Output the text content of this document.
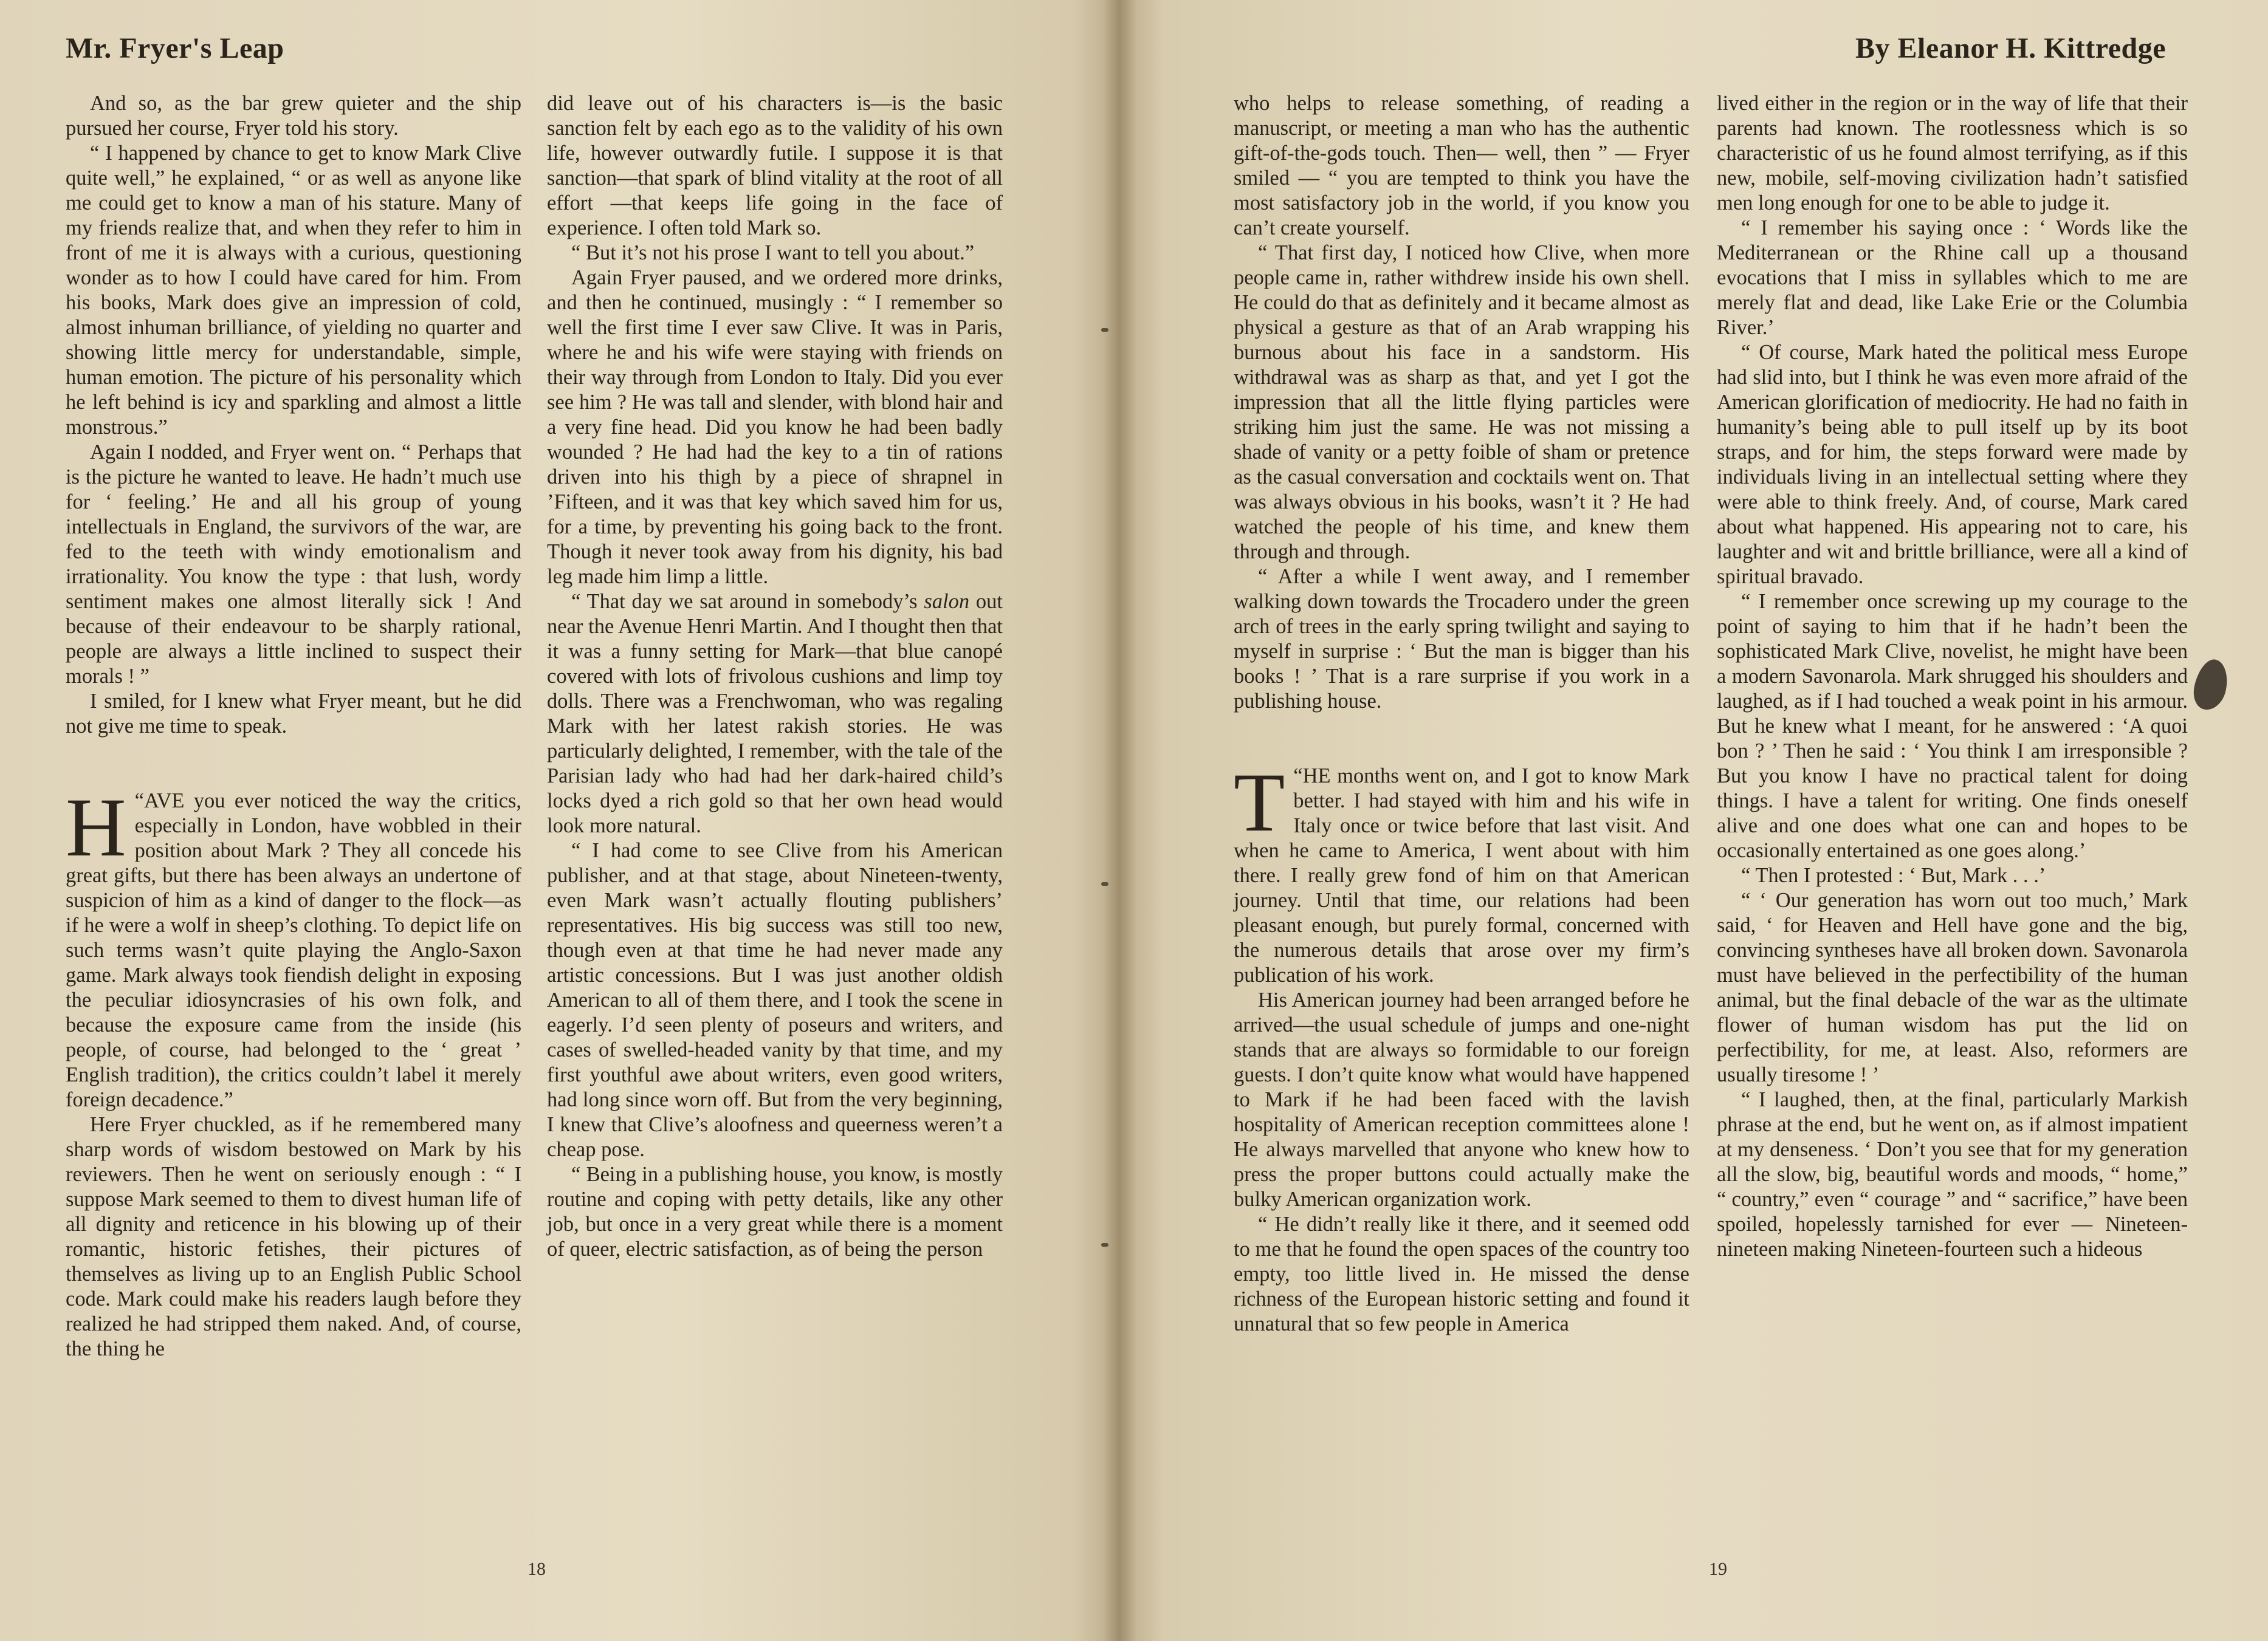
Mr. Fryer's Leap

And so, as the bar grew quieter and the ship pursued her course, Fryer told his story.

“ I happened by chance to get to know Mark Clive quite well,” he explained, “ or as well as anyone like me could get to know a man of his stature. Many of my friends realize that, and when they refer to him in front of me it is always with a curious, questioning wonder as to how I could have cared for him. From his books, Mark does give an impression of cold, almost inhuman brilliance, of yielding no quarter and showing little mercy for understandable, simple, human emotion. The picture of his personality which he left behind is icy and sparkling and almost a little monstrous.”

Again I nodded, and Fryer went on. “ Perhaps that is the picture he wanted to leave. He hadn’t much use for ‘ feeling.’ He and all his group of young intellectuals in England, the survivors of the war, are fed to the teeth with windy emotionalism and irrationality. You know the type : that lush, wordy sentiment makes one almost literally sick ! And because of their endeavour to be sharply rational, people are always a little inclined to suspect their morals ! ”

I smiled, for I knew what Fryer meant, but he did not give me time to speak.

“
H AVE you ever noticed the way the critics, especially in London, have wobbled in their position about Mark ? They all concede his great gifts, but there has been always an undertone of suspicion of him as a kind of danger to the flock—as if he were a wolf in sheep’s clothing. To depict life on such terms wasn’t quite playing the Anglo-Saxon game. Mark always took fiendish delight in exposing the peculiar idiosyncrasies of his own folk, and because the exposure came from the inside (his people, of course, had belonged to the ‘ great ’ English tradition), the critics couldn’t label it merely foreign decadence.”

Here Fryer chuckled, as if he remembered many sharp words of wisdom bestowed on Mark by his reviewers. Then he went on seriously enough : “ I suppose Mark seemed to them to divest human life of all dignity and reticence in his blowing up of their romantic, historic fetishes, their pictures of themselves as living up to an English Public School code. Mark could make his readers laugh before they realized he had stripped them naked. And, of course, the thing he

did leave out of his characters is—is the basic sanction felt by each ego as to the validity of his own life, however outwardly futile. I suppose it is that sanction—that spark of blind vitality at the root of all effort —that keeps life going in the face of experience. I often told Mark so.

“ But it’s not his prose I want to tell you about.”

Again Fryer paused, and we ordered more drinks, and then he continued, musingly : “ I remember so well the first time I ever saw Clive. It was in Paris, where he and his wife were staying with friends on their way through from London to Italy. Did you ever see him ? He was tall and slender, with blond hair and a very fine head. Did you know he had been badly wounded ? He had had the key to a tin of rations driven into his thigh by a piece of shrapnel in ’Fifteen, and it was that key which saved him for us, for a time, by preventing his going back to the front. Though it never took away from his dignity, his bad leg made him limp a little.

“ That day we sat around in somebody’s salon out near the Avenue Henri Martin. And I thought then that it was a funny setting for Mark—that blue canopé covered with lots of frivolous cushions and limp toy dolls. There was a Frenchwoman, who was regaling Mark with her latest rakish stories. He was particularly delighted, I remember, with the tale of the Parisian lady who had had her dark-haired child’s locks dyed a rich gold so that her own head would look more natural.

“ I had come to see Clive from his American publisher, and at that stage, about Nineteen-twenty, even Mark wasn’t actually flouting publishers’ representatives. His big success was still too new, though even at that time he had never made any artistic concessions. But I was just another oldish American to all of them there, and I took the scene in eagerly. I’d seen plenty of poseurs and writers, and cases of swelled-headed vanity by that time, and my first youthful awe about writers, even good writers, had long since worn off. But from the very beginning, I knew that Clive’s aloofness and queerness weren’t a cheap pose.

“ Being in a publishing house, you know, is mostly routine and coping with petty details, like any other job, but once in a very great while there is a moment of queer, electric satisfaction, as of being the person

18
By Eleanor H. Kittredge

who helps to release something, of reading a manuscript, or meeting a man who has the authentic gift-of-the-gods touch. Then— well, then ” — Fryer smiled — “ you are tempted to think you have the most satisfactory job in the world, if you know you can’t create yourself.

“ That first day, I noticed how Clive, when more people came in, rather withdrew inside his own shell. He could do that as definitely and it became almost as physical a gesture as that of an Arab wrapping his burnous about his face in a sandstorm. His withdrawal was as sharp as that, and yet I got the impression that all the little flying particles were striking him just the same. He was not missing a shade of vanity or a petty foible of sham or pretence as the casual conversation and cocktails went on. That was always obvious in his books, wasn’t it ? He had watched the people of his time, and knew them through and through.

“ After a while I went away, and I remember walking down towards the Trocadero under the green arch of trees in the early spring twilight and saying to myself in surprise : ‘ But the man is bigger than his books ! ’ That is a rare surprise if you work in a publishing house.

“
T HE months went on, and I got to know Mark better. I had stayed with him and his wife in Italy once or twice before that last visit. And when he came to America, I went about with him there. I really grew fond of him on that American journey. Until that time, our relations had been pleasant enough, but purely formal, concerned with the numerous details that arose over my firm’s publication of his work.

His American journey had been arranged before he arrived—the usual schedule of jumps and one-night stands that are always so formidable to our foreign guests. I don’t quite know what would have happened to Mark if he had been faced with the lavish hospitality of American reception committees alone ! He always marvelled that anyone who knew how to press the proper buttons could actually make the bulky American organization work.

“ He didn’t really like it there, and it seemed odd to me that he found the open spaces of the country too empty, too little lived in. He missed the dense richness of the European historic setting and found it unnatural that so few people in America

lived either in the region or in the way of life that their parents had known. The rootlessness which is so characteristic of us he found almost terrifying, as if this new, mobile, self-moving civilization hadn’t satisfied men long enough for one to be able to judge it.

“ I remember his saying once : ‘ Words like the Mediterranean or the Rhine call up a thousand evocations that I miss in syllables which to me are merely flat and dead, like Lake Erie or the Columbia River.’

“ Of course, Mark hated the political mess Europe had slid into, but I think he was even more afraid of the American glorification of mediocrity. He had no faith in humanity’s being able to pull itself up by its boot straps, and for him, the steps forward were made by individuals living in an intellectual setting where they were able to think freely. And, of course, Mark cared about what happened. His appearing not to care, his laughter and wit and brittle brilliance, were all a kind of spiritual bravado.

“ I remember once screwing up my courage to the point of saying to him that if he hadn’t been the sophisticated Mark Clive, novelist, he might have been a modern Savonarola. Mark shrugged his shoulders and laughed, as if I had touched a weak point in his armour. But he knew what I meant, for he answered : ‘A quoi bon ? ’ Then he said : ‘ You think I am irresponsible ? But you know I have no practical talent for doing things. I have a talent for writing. One finds oneself alive and one does what one can and hopes to be occasionally entertained as one goes along.’

“ Then I protested : ‘ But, Mark . . .’

“ ‘ Our generation has worn out too much,’ Mark said, ‘ for Heaven and Hell have gone and the big, convincing syntheses have all broken down. Savonarola must have believed in the perfectibility of the human animal, but the final debacle of the war as the ultimate flower of human wisdom has put the lid on perfectibility, for me, at least. Also, reformers are usually tiresome ! ’

“ I laughed, then, at the final, particularly Markish phrase at the end, but he went on, as if almost impatient at my denseness. ‘ Don’t you see that for my generation all the slow, big, beautiful words and moods, “ home,” “ country,” even “ courage ” and “ sacrifice,” have been spoiled, hopelessly tarnished for ever — Nineteen-nineteen making Nineteen-fourteen such a hideous

19
